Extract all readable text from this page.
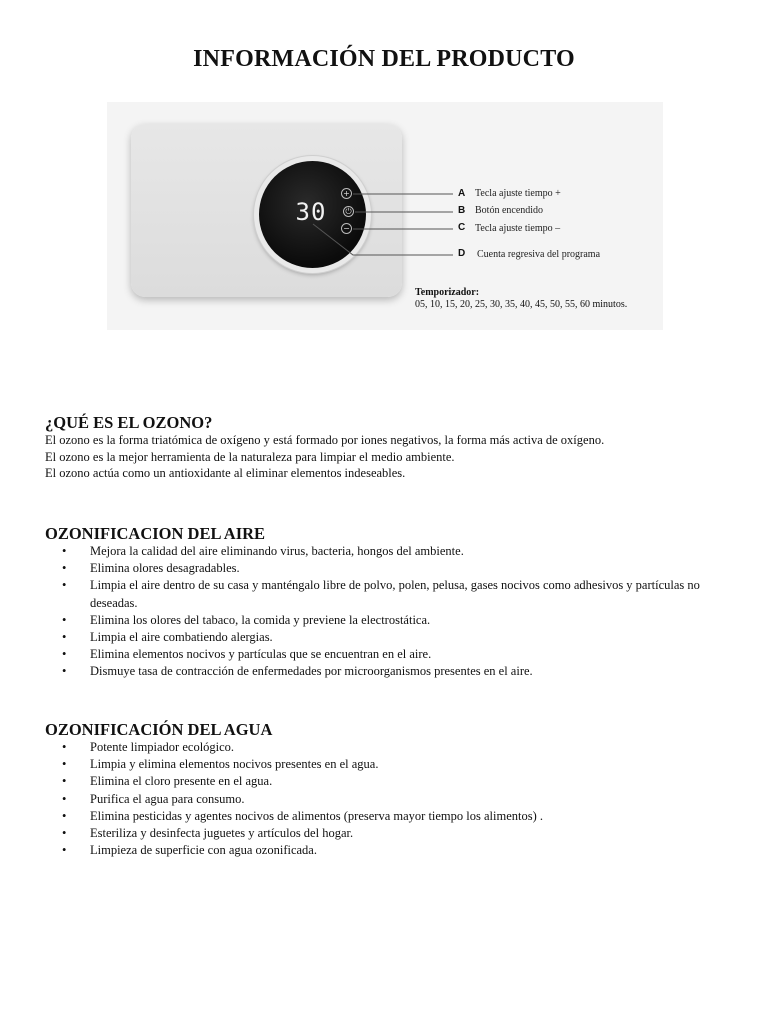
INFORMACIÓN DEL PRODUCTO
30
+
⏻
−
A Tecla ajuste tiempo +
B Botón encendido
C Tecla ajuste tiempo –
D Cuenta regresiva del programa
Temporizador:
05, 10, 15, 20, 25, 30, 35, 40, 45, 50, 55, 60 minutos.
¿QUÉ ES EL OZONO?

El ozono es la forma triatómica de oxígeno y está formado por iones negativos, la forma más activa de oxígeno.

El ozono es la mejor herramienta de la naturaleza para limpiar el medio ambiente.

El ozono actúa como un antioxidante al eliminar elementos indeseables.

OZONIFICACION DEL AIRE
• Mejora la calidad del aire eliminando virus, bacteria, hongos del ambiente.
• Elimina olores desagradables.
• Limpia el aire dentro de su casa y manténgalo libre de polvo, polen, pelusa, gases nocivos como adhesivos y partículas no deseadas.
• Elimina los olores del tabaco, la comida y previene la electrostática.
• Limpia el aire combatiendo alergias.
• Elimina elementos nocivos y partículas que se encuentran en el aire.
• Dismuye tasa de contracción de enfermedades por microorganismos presentes en el aire.
OZONIFICACIÓN DEL AGUA
• Potente limpiador ecológico.
• Limpia y elimina elementos nocivos presentes en el agua.
• Elimina el cloro presente en el agua.
• Purifica el agua para consumo.
• Elimina pesticidas y agentes nocivos de alimentos (preserva mayor tiempo los alimentos) .
• Esteriliza y desinfecta juguetes y artículos del hogar.
• Limpieza de superficie con agua ozonificada.
